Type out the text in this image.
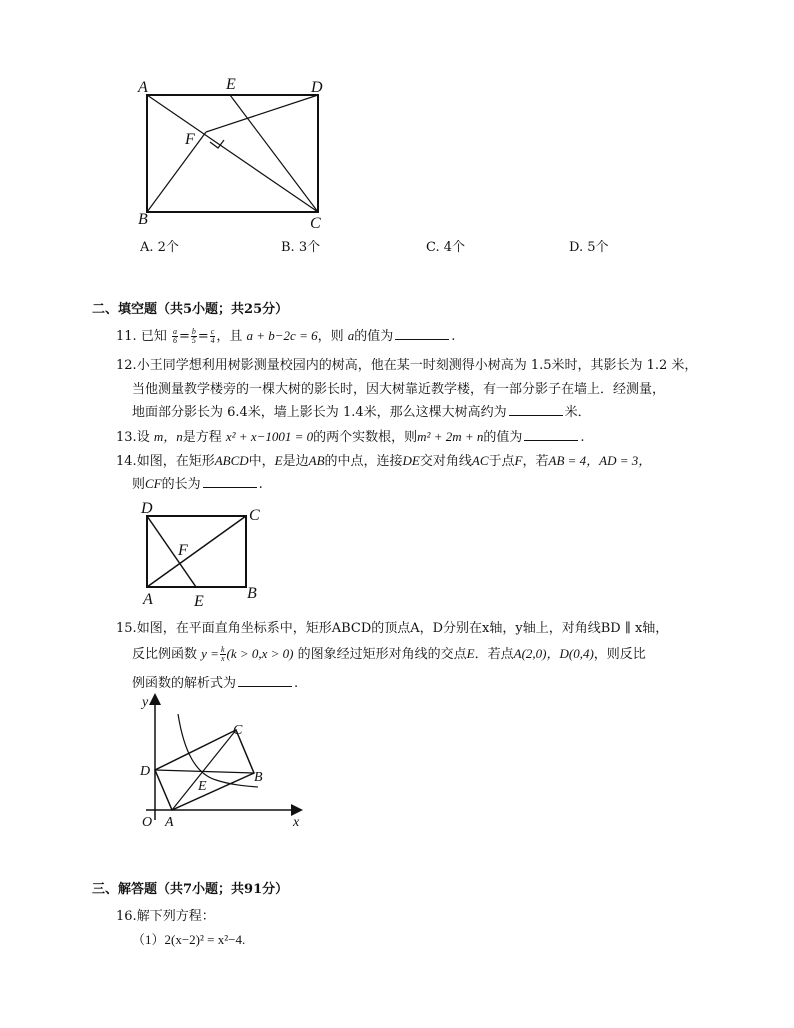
A	E	D
F
B	C
A. 2个	B. 3个	C. 4个	D. 5个
二、填空题（共5小题；共25分）
11. 已知 $\frac{a}{6} = \frac{b}{5} = \frac{c}{4}$ ，且 a + b−2c = 6，则 a的值为	.
12.小王同学想利用树影测量校园内的树高，他在某一时刻测得小树高为 1.5米时，其影长为 1.2 米，
当他测量教学楼旁的一棵大树的影长时，因大树靠近教学楼，有一部分影子在墙上．经测量，
地面部分影长为 6.4米，墙上影长为 1.4米，那么这棵大树高约为	米．
13.设 m，n是方程 x² + x−1001 = 0的两个实数根，则m² + 2m + n的值为	.
14.如图，在矩形ABCD中，E是边AB的中点，连接DE交对角线AC于点F，若AB = 4，AD = 3，
则CF的长为	.
D	C
F
A	E	B
15.如图，在平面直角坐标系中，矩形ABCD的顶点A，D分别在x轴，y轴上，对角线BD ∥ x轴，
反比例函数 $y = \frac{k}{x} (k > 0,x > 0)$ 的图象经过矩形对角线的交点E．若点A(2,0)，D(0,4)，则反比
例函数的解析式为	.
y
C
D	B
E
O A	x
三、解答题（共7小题；共91分）
16.解下列方程：
（1）2(x−2)² = x²−4.
